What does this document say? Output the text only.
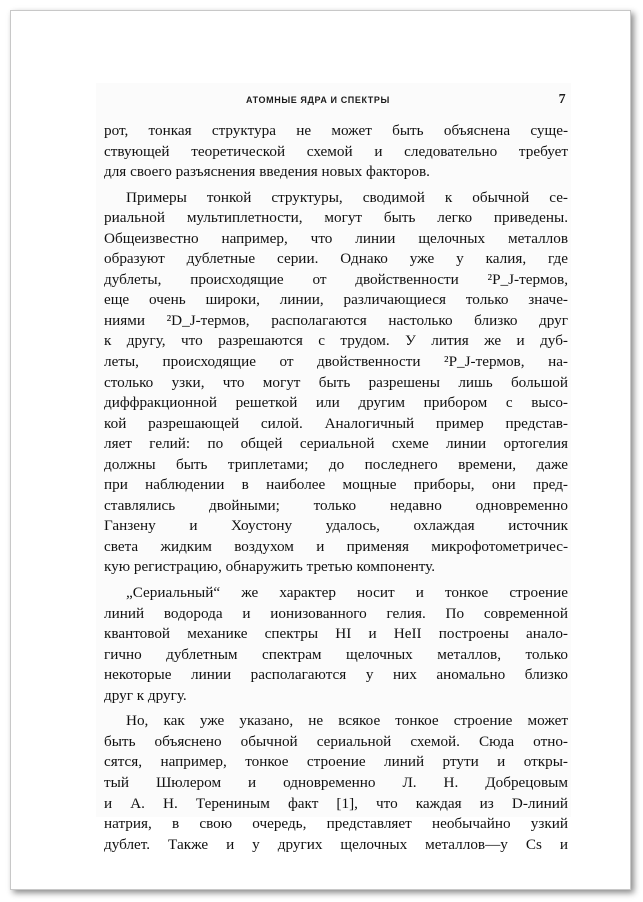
АТОМНЫЕ ЯДРА И СПЕКТРЫ	7
рот, тонкая структура не может быть объяснена суще-
ствующей теоретической схемой и следовательно требует
для своего разъяснения введения новых факторов.
Примеры тонкой структуры, сводимой к обычной се-
риальной мультиплетности, могут быть легко приведены.
Общеизвестно например, что линии щелочных металлов
образуют дублетные серии. Однако уже у калия, где
дублеты, происходящие от двойственности ²P_J-термов,
еще очень широки, линии, различающиеся только значе-
ниями ²D_J-термов, располагаются настолько близко друг
к другу, что разрешаются с трудом. У лития же и дуб-
леты, происходящие от двойственности ²P_J-термов, на-
столько узки, что могут быть разрешены лишь большой
диффракционной решеткой или другим прибором с высо-
кой разрешающей силой. Аналогичный пример представ-
ляет гелий: по общей сериальной схеме линии ортогелия
должны быть триплетами; до последнего времени, даже
при наблюдении в наиболее мощные приборы, они пред-
ставлялись двойными; только недавно одновременно
Ганзену и Хоустону удалось, охлаждая источник
света жидким воздухом и применяя микрофотометричес-
кую регистрацию, обнаружить третью компоненту.
„Сериальный“ же характер носит и тонкое строение
линий водорода и ионизованного гелия. По современной
квантовой механике спектры HI и HeII построены анало-
гично дублетным спектрам щелочных металлов, только
некоторые линии располагаются у них аномально близко
друг к другу.
Но, как уже указано, не всякое тонкое строение может
быть объяснено обычной сериальной схемой. Сюда отно-
сятся, например, тонкое строение линий ртути и откры-
тый Шюлером и одновременно Л. Н. Добрецовым
и А. Н. Терениным факт [1], что каждая из D-линий
натрия, в свою очередь, представляет необычайно узкий
дублет. Также и у других щелочных металлов—у Cs и
